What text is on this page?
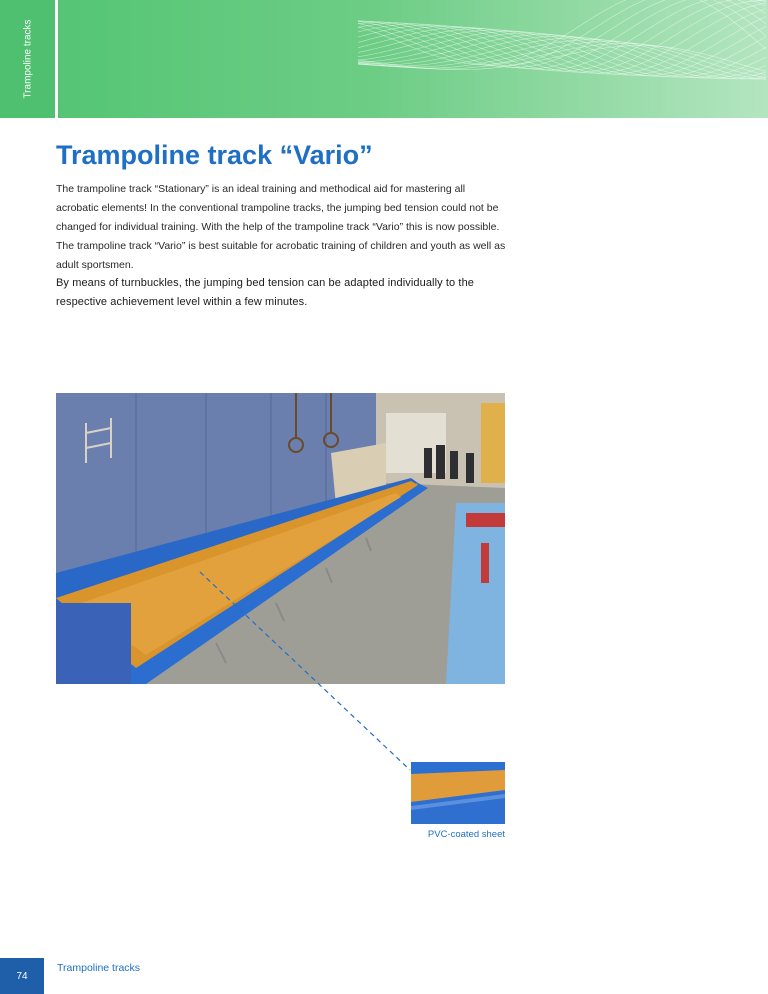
Trampoline tracks
Trampoline track “Vario”

The trampoline track “Stationary” is an ideal training and methodical aid for mastering all acrobatic elements! In the conventional trampoline tracks, the jumping bed tension could not be changed for individual training. With the help of the trampoline track “Vario” this is now possible. The trampoline track “Vario” is best suitable for acrobatic training of children and youth as well as adult sportsmen.

By means of turnbuckles, the jumping bed tension can be adapted individually to the respective achievement level within a few minutes.

PVC-coated sheet

74
Trampoline tracks
